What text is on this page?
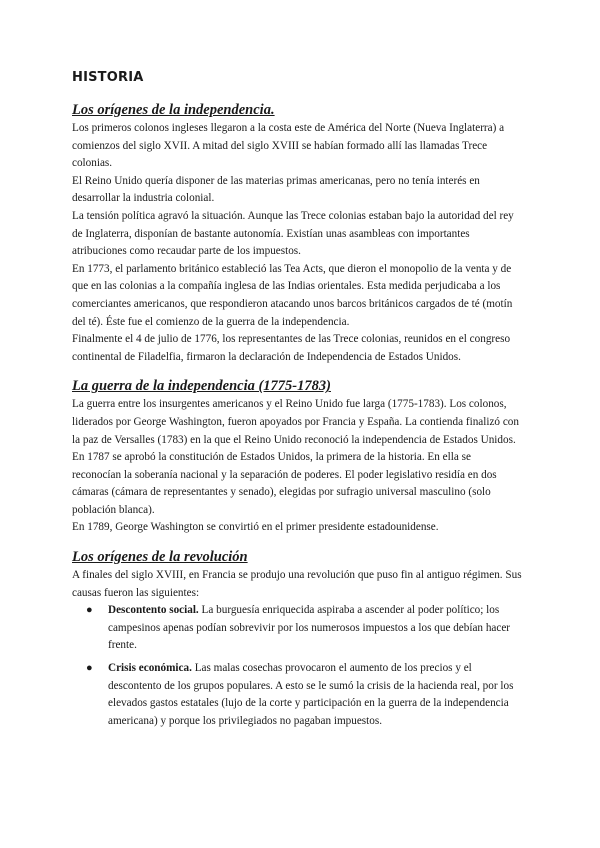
HISTORIA
Los orígenes de la independencia.

Los primeros colonos ingleses llegaron a la costa este de América del Norte (Nueva Inglaterra) a comienzos del siglo XVII. A mitad del siglo XVIII se habían formado allí las llamadas Trece colonias.

El Reino Unido quería disponer de las materias primas americanas, pero no tenía interés en desarrollar la industria colonial.

La tensión política agravó la situación. Aunque las Trece colonias estaban bajo la autoridad del rey de Inglaterra, disponían de bastante autonomía. Existían unas asambleas con importantes atribuciones como recaudar parte de los impuestos.

En 1773, el parlamento británico estableció las Tea Acts, que dieron el monopolio de la venta y de que en las colonias a la compañía inglesa de las Indias orientales. Esta medida perjudicaba a los comerciantes americanos, que respondieron atacando unos barcos británicos cargados de té (motín del té). Éste fue el comienzo de la guerra de la independencia.

Finalmente el 4 de julio de 1776, los representantes de las Trece colonias, reunidos en el congreso continental de Filadelfia, firmaron la declaración de Independencia de Estados Unidos.

La guerra de la independencia (1775-1783)

La guerra entre los insurgentes americanos y el Reino Unido fue larga (1775-1783). Los colonos, liderados por George Washington, fueron apoyados por Francia y España. La contienda finalizó con la paz de Versalles (1783) en la que el Reino Unido reconoció la independencia de Estados Unidos.

En 1787 se aprobó la constitución de Estados Unidos, la primera de la historia. En ella se reconocían la soberanía nacional y la separación de poderes. El poder legislativo residía en dos cámaras (cámara de representantes y senado), elegidas por sufragio universal masculino (solo población blanca).

En 1789, George Washington se convirtió en el primer presidente estadounidense.

Los orígenes de la revolución

A finales del siglo XVIII, en Francia se produjo una revolución que puso fin al antiguo régimen. Sus causas fueron las siguientes:

● Descontento social. La burguesía enriquecida aspiraba a ascender al poder político; los campesinos apenas podían sobrevivir por los numerosos impuestos a los que debían hacer frente.
● Crisis económica. Las malas cosechas provocaron el aumento de los precios y el descontento de los grupos populares. A esto se le sumó la crisis de la hacienda real, por los elevados gastos estatales (lujo de la corte y participación en la guerra de la independencia americana) y porque los privilegiados no pagaban impuestos.
